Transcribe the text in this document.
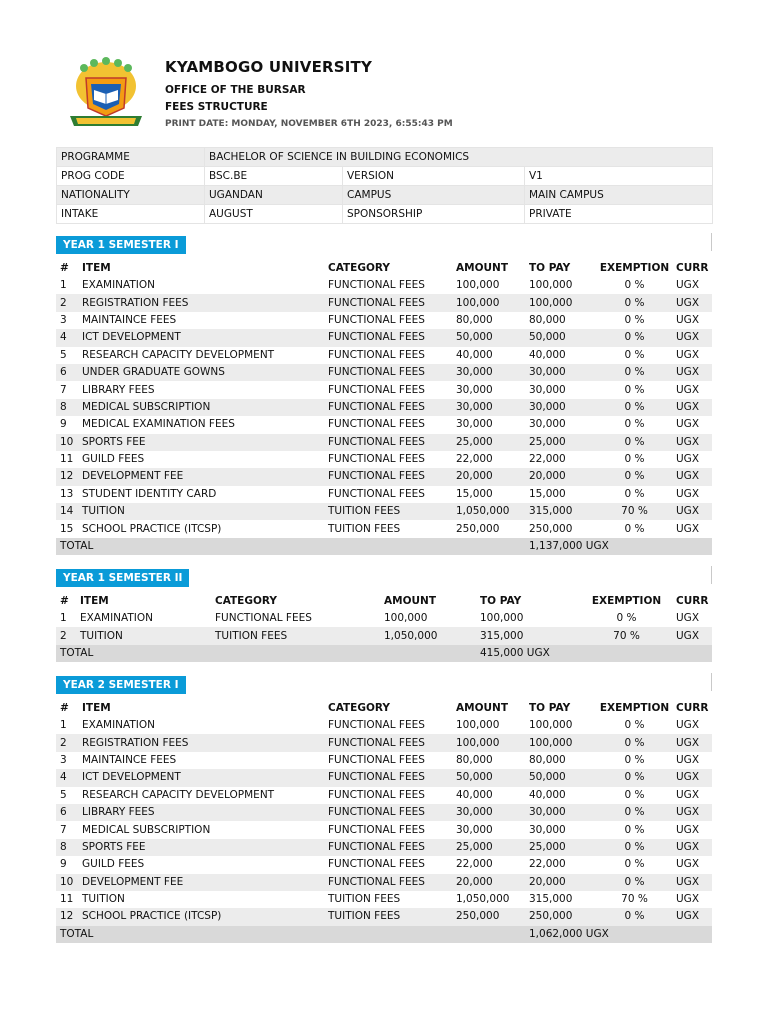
KYAMBOGO UNIVERSITY
OFFICE OF THE BURSAR
FEES STRUCTURE
PRINT DATE: MONDAY, NOVEMBER 6TH 2023, 6:55:43 PM
PROGRAMME	BACHELOR OF SCIENCE IN BUILDING ECONOMICS		
PROG CODE	BSC.BE	VERSION	V1
NATIONALITY	UGANDAN	CAMPUS	MAIN CAMPUS
INTAKE	AUGUST	SPONSORSHIP	PRIVATE
YEAR 1 SEMESTER I
#	ITEM	CATEGORY	AMOUNT	TO PAY	EXEMPTION	CURR
1	EXAMINATION	FUNCTIONAL FEES	100,000	100,000	0 %	UGX
2	REGISTRATION FEES	FUNCTIONAL FEES	100,000	100,000	0 %	UGX
3	MAINTAINCE FEES	FUNCTIONAL FEES	80,000	80,000	0 %	UGX
4	ICT DEVELOPMENT	FUNCTIONAL FEES	50,000	50,000	0 %	UGX
5	RESEARCH CAPACITY DEVELOPMENT	FUNCTIONAL FEES	40,000	40,000	0 %	UGX
6	UNDER GRADUATE GOWNS	FUNCTIONAL FEES	30,000	30,000	0 %	UGX
7	LIBRARY FEES	FUNCTIONAL FEES	30,000	30,000	0 %	UGX
8	MEDICAL SUBSCRIPTION	FUNCTIONAL FEES	30,000	30,000	0 %	UGX
9	MEDICAL EXAMINATION FEES	FUNCTIONAL FEES	30,000	30,000	0 %	UGX
10	SPORTS FEE	FUNCTIONAL FEES	25,000	25,000	0 %	UGX
11	GUILD FEES	FUNCTIONAL FEES	22,000	22,000	0 %	UGX
12	DEVELOPMENT FEE	FUNCTIONAL FEES	20,000	20,000	0 %	UGX
13	STUDENT IDENTITY CARD	FUNCTIONAL FEES	15,000	15,000	0 %	UGX
14	TUITION	TUITION FEES	1,050,000	315,000	70 %	UGX
15	SCHOOL PRACTICE (ITCSP)	TUITION FEES	250,000	250,000	0 %	UGX
TOTAL				1,137,000 UGX		
YEAR 1 SEMESTER II
#	ITEM	CATEGORY	AMOUNT	TO PAY	EXEMPTION	CURR
1	EXAMINATION	FUNCTIONAL FEES	100,000	100,000	0 %	UGX
2	TUITION	TUITION FEES	1,050,000	315,000	70 %	UGX
TOTAL				415,000 UGX		
YEAR 2 SEMESTER I
#	ITEM	CATEGORY	AMOUNT	TO PAY	EXEMPTION	CURR
1	EXAMINATION	FUNCTIONAL FEES	100,000	100,000	0 %	UGX
2	REGISTRATION FEES	FUNCTIONAL FEES	100,000	100,000	0 %	UGX
3	MAINTAINCE FEES	FUNCTIONAL FEES	80,000	80,000	0 %	UGX
4	ICT DEVELOPMENT	FUNCTIONAL FEES	50,000	50,000	0 %	UGX
5	RESEARCH CAPACITY DEVELOPMENT	FUNCTIONAL FEES	40,000	40,000	0 %	UGX
6	LIBRARY FEES	FUNCTIONAL FEES	30,000	30,000	0 %	UGX
7	MEDICAL SUBSCRIPTION	FUNCTIONAL FEES	30,000	30,000	0 %	UGX
8	SPORTS FEE	FUNCTIONAL FEES	25,000	25,000	0 %	UGX
9	GUILD FEES	FUNCTIONAL FEES	22,000	22,000	0 %	UGX
10	DEVELOPMENT FEE	FUNCTIONAL FEES	20,000	20,000	0 %	UGX
11	TUITION	TUITION FEES	1,050,000	315,000	70 %	UGX
12	SCHOOL PRACTICE (ITCSP)	TUITION FEES	250,000	250,000	0 %	UGX
TOTAL				1,062,000 UGX		
